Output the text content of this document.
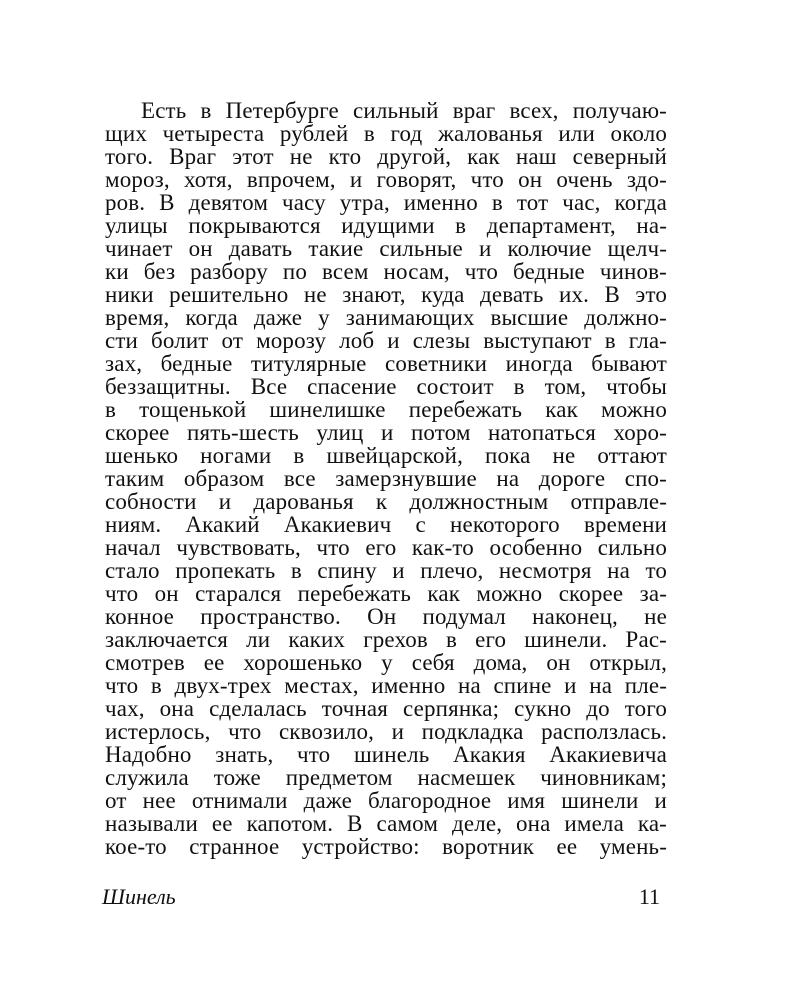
Есть в Петербурге сильный враг всех, получаю-
щих четыреста рублей в год жалованья или около
того. Враг этот не кто другой, как наш северный
мороз, хотя, впрочем, и говорят, что он очень здо-
ров. В девятом часу утра, именно в тот час, когда
улицы покрываются идущими в департамент, на-
чинает он давать такие сильные и колючие щелч-
ки без разбору по всем носам, что бедные чинов-
ники решительно не знают, куда девать их. В это
время, когда даже у занимающих высшие должно-
сти болит от морозу лоб и слезы выступают в гла-
зах, бедные титулярные советники иногда бывают
беззащитны. Все спасение состоит в том, чтобы
в тощенькой шинелишке перебежать как можно
скорее пять-шесть улиц и потом натопаться хоро-
шенько ногами в швейцарской, пока не оттают
таким образом все замерзнувшие на дороге спо-
собности и дарованья к должностным отправле-
ниям. Акакий Акакиевич с некоторого времени
начал чувствовать, что его как-то особенно сильно
стало пропекать в спину и плечо, несмотря на то
что он старался перебежать как можно скорее за-
конное пространство. Он подумал наконец, не
заключается ли каких грехов в его шинели. Рас-
смотрев ее хорошенько у себя дома, он открыл,
что в двух-трех местах, именно на спине и на пле-
чах, она сделалась точная серпянка; сукно до того
истерлось, что сквозило, и подкладка расползлась.
Надобно знать, что шинель Акакия Акакиевича
служила тоже предметом насмешек чиновникам;
от нее отнимали даже благородное имя шинели и
называли ее капотом. В самом деле, она имела ка-
кое-то странное устройство: воротник ее умень-
Шинель	11
